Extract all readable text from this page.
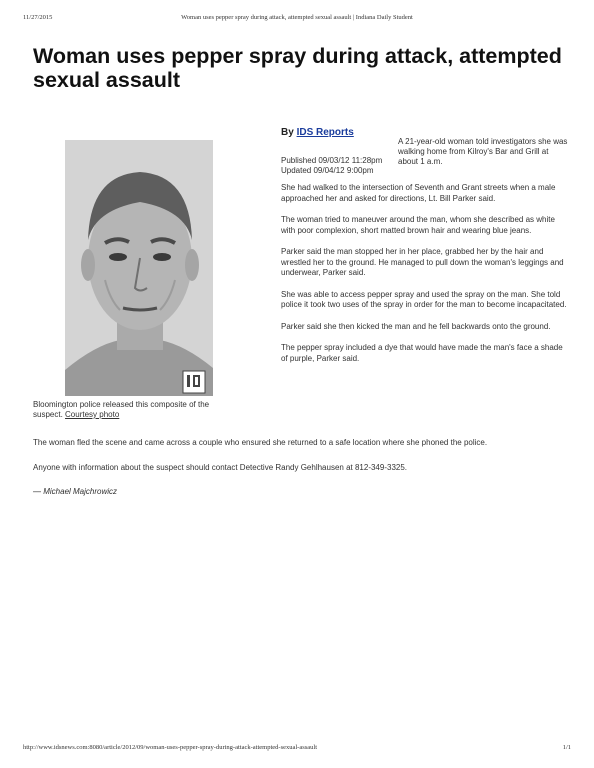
11/27/2015	Woman uses pepper spray during attack, attempted sexual assault | Indiana Daily Student
Woman uses pepper spray during attack, attempted sexual assault
Bloomington police released this composite of the suspect. Courtesy photo
By IDS Reports
Published 09/03/12 11:28pm
Updated 09/04/12 9:00pm
A 21-year-old woman told investigators she was walking home from Kilroy's Bar and Grill at about 1 a.m.

She had walked to the intersection of Seventh and Grant streets when a male approached her and asked for directions, Lt. Bill Parker said.

The woman tried to maneuver around the man, whom she described as white with poor complexion, short matted brown hair and wearing blue jeans.

Parker said the man stopped her in her place, grabbed her by the hair and wrestled her to the ground. He managed to pull down the woman's leggings and underwear, Parker said.

She was able to access pepper spray and used the spray on the man. She told police it took two uses of the spray in order for the man to become incapacitated.

Parker said she then kicked the man and he fell backwards onto the ground.

The pepper spray included a dye that would have made the man's face a shade of purple, Parker said.

The woman fled the scene and came across a couple who ensured she returned to a safe location where she phoned the police.

Anyone with information about the suspect should contact Detective Randy Gehlhausen at 812-349-3325.

— Michael Majchrowicz

http://www.idsnews.com:8080/article/2012/09/woman-uses-pepper-spray-during-attack-attempted-sexual-assault	1/1
